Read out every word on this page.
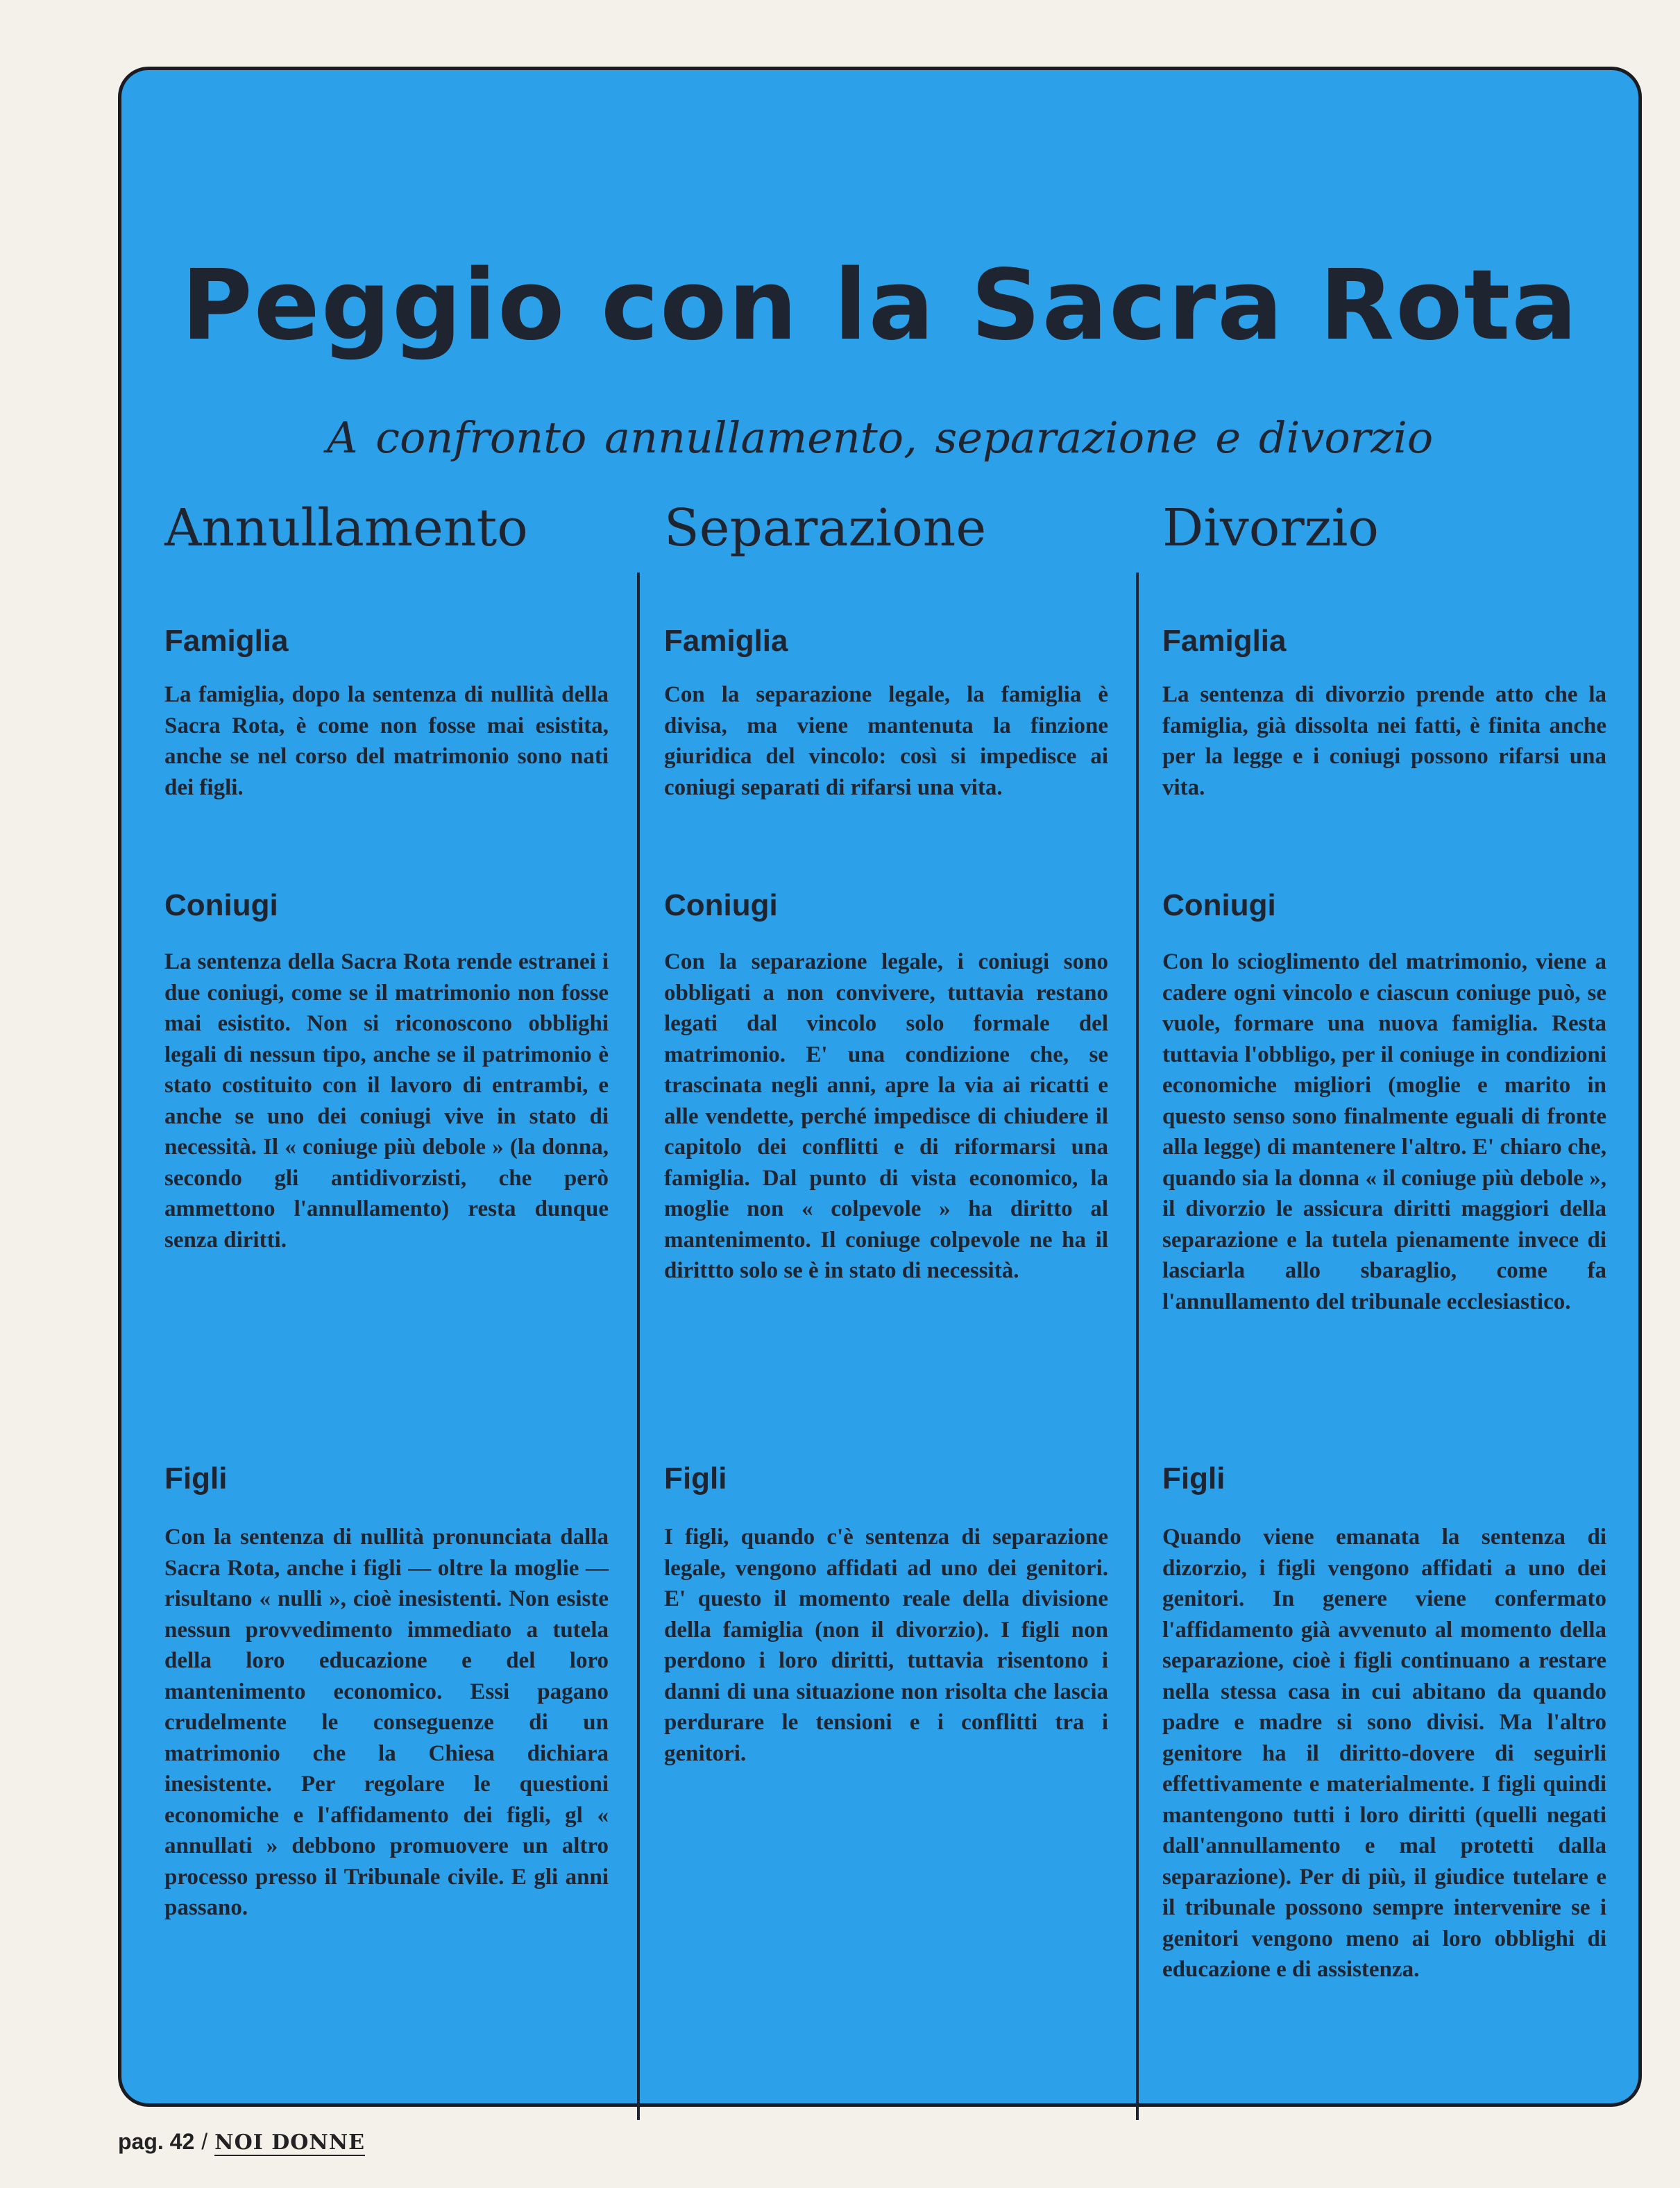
Peggio con la Sacra Rota

A confronto annullamento, separazione e divorzio

Annullamento
Famiglia

La famiglia, dopo la sentenza di nullità della Sacra Rota, è come non fosse mai esistita, anche se nel corso del matrimonio sono nati dei figli.

Coniugi

La sentenza della Sacra Rota rende estranei i due coniugi, come se il matrimonio non fosse mai esistito. Non si riconoscono obblighi legali di nessun tipo, anche se il patrimonio è stato costituito con il lavoro di entrambi, e anche se uno dei coniugi vive in stato di necessità. Il « coniuge più debole » (la donna, secondo gli antidivorzisti, che però ammettono l'annullamento) resta dunque senza diritti.

Figli

Con la sentenza di nullità pronunciata dalla Sacra Rota, anche i figli — oltre la moglie — risultano « nulli », cioè inesistenti. Non esiste nessun provvedimento immediato a tutela della loro educazione e del loro mantenimento economico. Essi pagano crudelmente le conseguenze di un matrimonio che la Chiesa dichiara inesistente. Per regolare le questioni economiche e l'affidamento dei figli, gl « annullati » debbono promuovere un altro processo presso il Tribunale civile. E gli anni passano.

Separazione
Famiglia

Con la separazione legale, la famiglia è divisa, ma viene mantenuta la finzione giuridica del vincolo: così si impedisce ai coniugi separati di rifarsi una vita.

Coniugi

Con la separazione legale, i coniugi sono obbligati a non convivere, tuttavia restano legati dal vincolo solo formale del matrimonio. E' una condizione che, se trascinata negli anni, apre la via ai ricatti e alle vendette, perché impedisce di chiudere il capitolo dei conflitti e di riformarsi una famiglia. Dal punto di vista economico, la moglie non « colpevole » ha diritto al mantenimento. Il coniuge colpevole ne ha il dirittto solo se è in stato di necessità.

Figli

I figli, quando c'è sentenza di separazione legale, vengono affidati ad uno dei genitori. E' questo il momento reale della divisione della famiglia (non il divorzio). I figli non perdono i loro diritti, tuttavia risentono i danni di una situazione non risolta che lascia perdurare le tensioni e i conflitti tra i genitori.

Divorzio
Famiglia

La sentenza di divorzio prende atto che la famiglia, già dissolta nei fatti, è finita anche per la legge e i coniugi possono rifarsi una vita.

Coniugi

Con lo scioglimento del matrimonio, viene a cadere ogni vincolo e ciascun coniuge può, se vuole, formare una nuova famiglia. Resta tuttavia l'obbligo, per il coniuge in condizioni economiche migliori (moglie e marito in questo senso sono finalmente eguali di fronte alla legge) di mantenere l'altro. E' chiaro che, quando sia la donna « il coniuge più debole », il divorzio le assicura diritti maggiori della separazione e la tutela pienamente invece di lasciarla allo sbaraglio, come fa l'annullamento del tribunale ecclesiastico.

Figli

Quando viene emanata la sentenza di dizorzio, i figli vengono affidati a uno dei genitori. In genere viene confermato l'affidamento già avvenuto al momento della separazione, cioè i figli continuano a restare nella stessa casa in cui abitano da quando padre e madre si sono divisi. Ma l'altro genitore ha il diritto-dovere di seguirli effettivamente e materialmente. I figli quindi mantengono tutti i loro diritti (quelli negati dall'annullamento e mal protetti dalla separazione). Per di più, il giudice tutelare e il tribunale possono sempre intervenire se i genitori vengono meno ai loro obblighi di educazione e di assistenza.

pag. 42 / NOI DONNE
